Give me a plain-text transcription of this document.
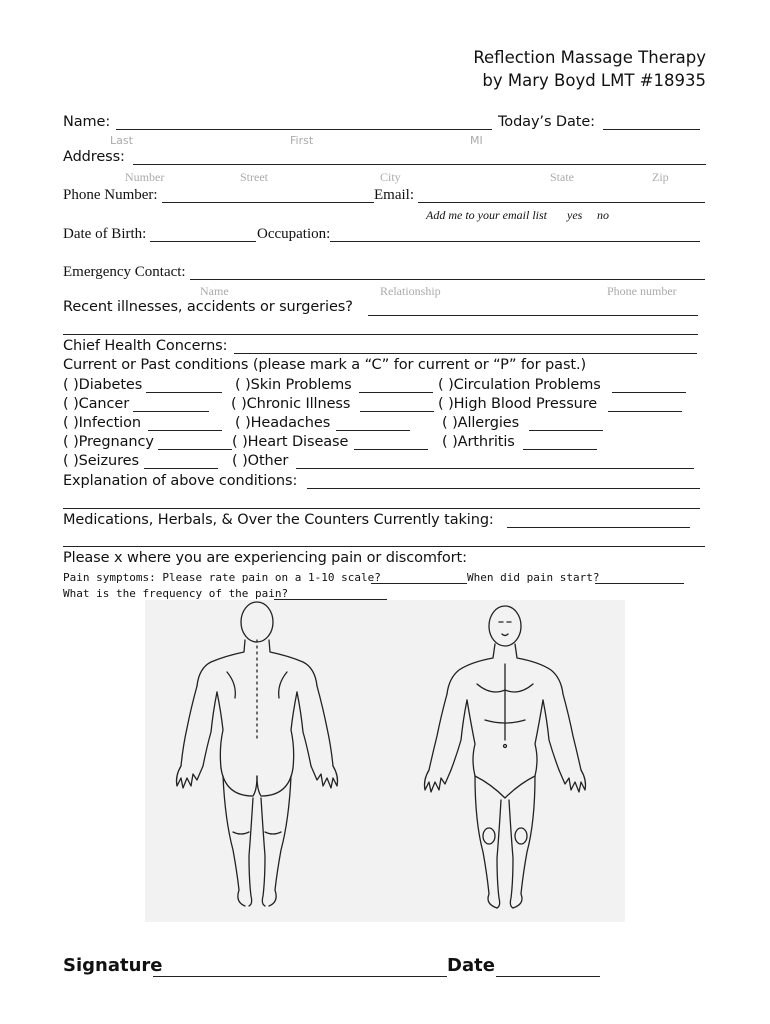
Reflection Massage Therapy
by Mary Boyd LMT #18935
Name:	Today’s Date:
Last	First	MI
Address:
Number	Street	City	State	Zip
Phone Number:	Email:
Add me to your email list yes no
Date of Birth:	Occupation:
Emergency Contact:
Name	Relationship	Phone number
Recent illnesses, accidents or surgeries?
Chief Health Concerns:
Current or Past conditions (please mark a “C” for current or “P” for past.)
( )Diabetes	( )Skin Problems	( )Circulation Problems
( )Cancer	( )Chronic Illness	( )High Blood Pressure
( )Infection	( )Headaches	( )Allergies
( )Pregnancy	( )Heart Disease	( )Arthritis
( )Seizures	( )Other
Explanation of above conditions:
Medications, Herbals, & Over the Counters Currently taking:
Please x where you are experiencing pain or discomfort:
Pain symptoms: Please rate pain on a 1-10 scale?	When did pain start?
What is the frequency of the pain?
Signature	Date
